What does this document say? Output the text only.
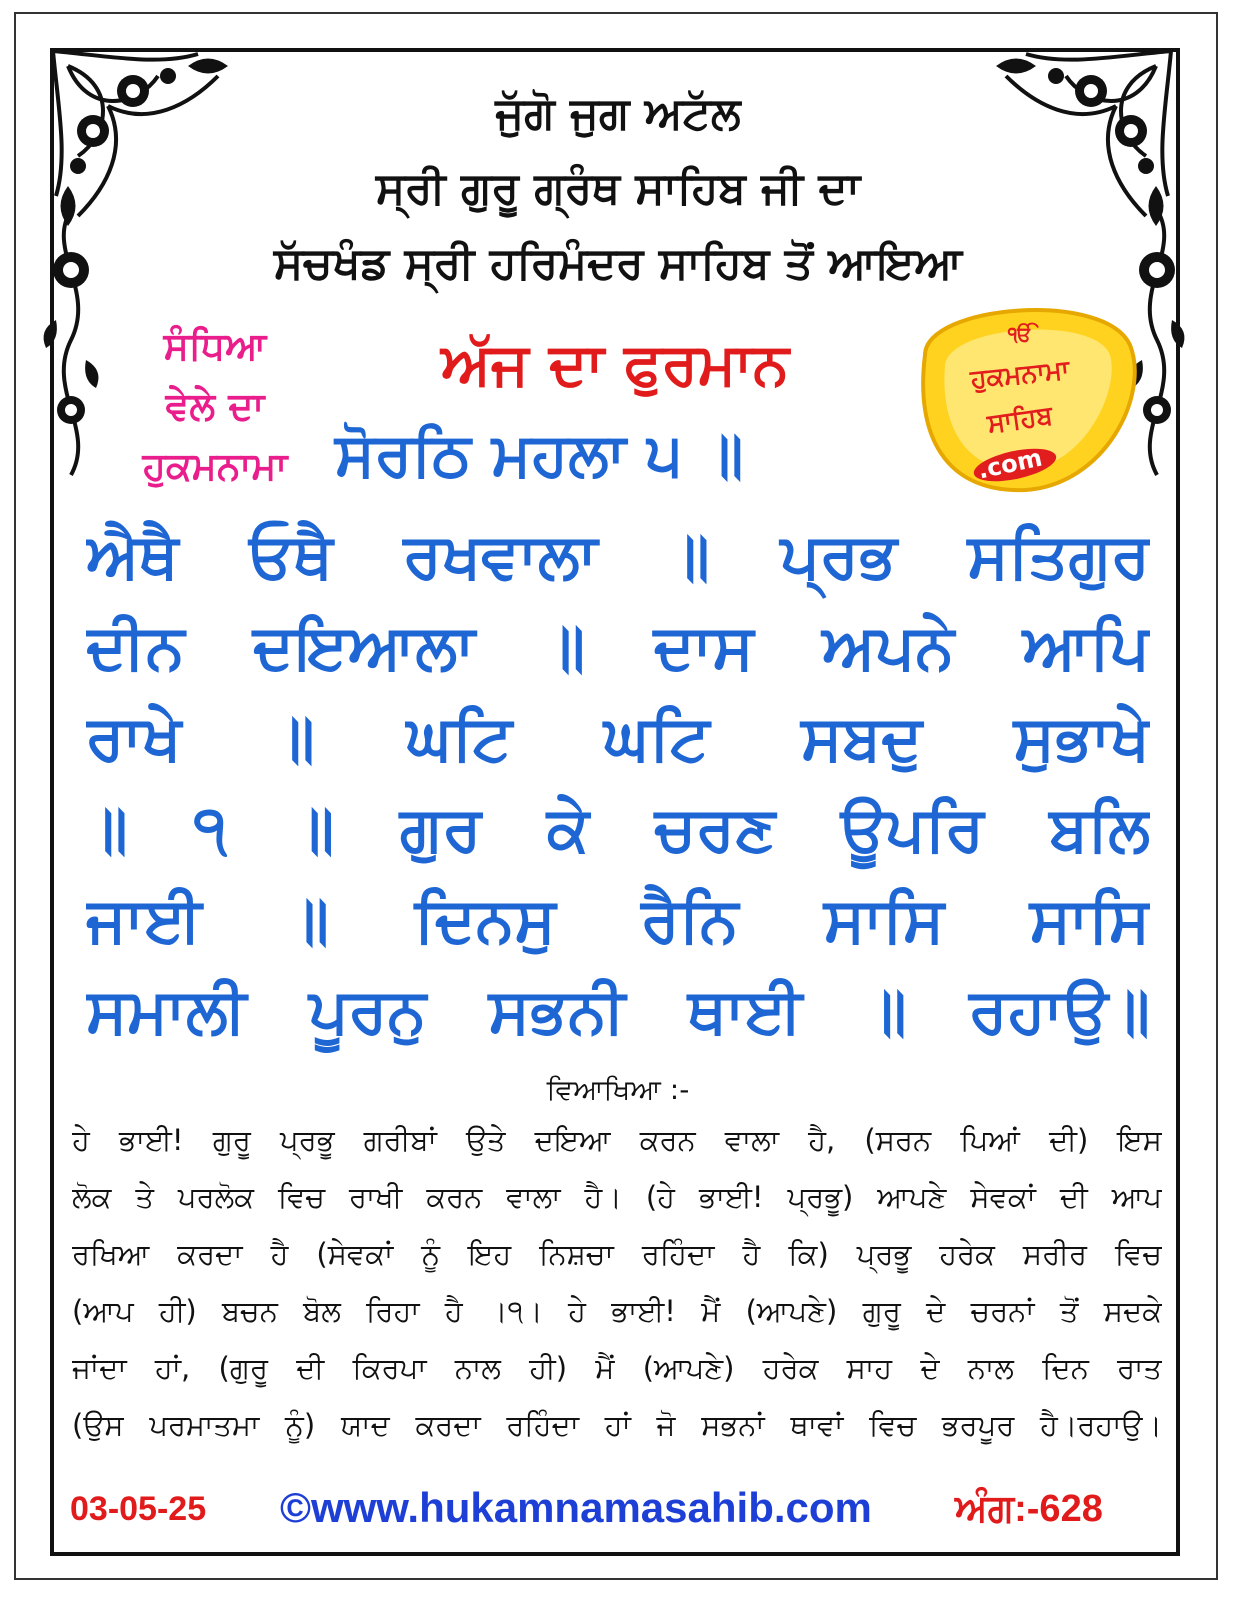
ਜੁੱਗੋ ਜੁਗ ਅਟੱਲ
ਸ੍ਰੀ ਗੁਰੂ ਗ੍ਰੰਥ ਸਾਹਿਬ ਜੀ ਦਾ
ਸੱਚਖੰਡ ਸ੍ਰੀ ਹਰਿਮੰਦਰ ਸਾਹਿਬ ਤੋਂ ਆਇਆ
ਸੰਧਿਆ
ਵੇਲੇ ਦਾ
ਹੁਕਮਨਾਮਾ
ਅੱਜ ਦਾ ਫੁਰਮਾਨ
ਸੋਰਠਿ ਮਹਲਾ ੫ ॥
ੴ
ਹੁਕਮਨਾਮਾ
ਸਾਹਿਬ
.com
ਐਥੈ ਓਥੈ ਰਖਵਾਲਾ ॥ ਪ੍ਰਭ ਸਤਿਗੁਰ
ਦੀਨ ਦਇਆਲਾ ॥ ਦਾਸ ਅਪਨੇ ਆਪਿ
ਰਾਖੇ ॥ ਘਟਿ ਘਟਿ ਸਬਦੁ ਸੁਭਾਖੇ
॥ ੧ ॥ ਗੁਰ ਕੇ ਚਰਣ ਊਪਰਿ ਬਲਿ
ਜਾਈ ॥ ਦਿਨਸੁ ਰੈਨਿ ਸਾਸਿ ਸਾਸਿ
ਸਮਾਲੀ ਪੂਰਨੁ ਸਭਨੀ ਥਾਈ ॥ ਰਹਾਉ॥
ਵਿਆਖਿਆ :-
ਹੇ ਭਾਈ! ਗੁਰੂ ਪ੍ਰਭੂ ਗਰੀਬਾਂ ਉਤੇ ਦਇਆ ਕਰਨ ਵਾਲਾ ਹੈ, (ਸਰਨ ਪਿਆਂ ਦੀ) ਇਸ
ਲੋਕ ਤੇ ਪਰਲੋਕ ਵਿਚ ਰਾਖੀ ਕਰਨ ਵਾਲਾ ਹੈ। (ਹੇ ਭਾਈ! ਪ੍ਰਭੂ) ਆਪਣੇ ਸੇਵਕਾਂ ਦੀ ਆਪ
ਰਖਿਆ ਕਰਦਾ ਹੈ (ਸੇਵਕਾਂ ਨੂੰ ਇਹ ਨਿਸ਼ਚਾ ਰਹਿੰਦਾ ਹੈ ਕਿ) ਪ੍ਰਭੂ ਹਰੇਕ ਸਰੀਰ ਵਿਚ
(ਆਪ ਹੀ) ਬਚਨ ਬੋਲ ਰਿਹਾ ਹੈ ।੧। ਹੇ ਭਾਈ! ਮੈਂ (ਆਪਣੇ) ਗੁਰੂ ਦੇ ਚਰਨਾਂ ਤੋਂ ਸਦਕੇ
ਜਾਂਦਾ ਹਾਂ, (ਗੁਰੂ ਦੀ ਕਿਰਪਾ ਨਾਲ ਹੀ) ਮੈਂ (ਆਪਣੇ) ਹਰੇਕ ਸਾਹ ਦੇ ਨਾਲ ਦਿਨ ਰਾਤ
(ਉਸ ਪਰਮਾਤਮਾ ਨੂੰ) ਯਾਦ ਕਰਦਾ ਰਹਿੰਦਾ ਹਾਂ ਜੋ ਸਭਨਾਂ ਥਾਵਾਂ ਵਿਚ ਭਰਪੂਰ ਹੈ।ਰਹਾਉ।
03-05-25 ©www.hukamnamasahib.com ਅੰਗ:-628
